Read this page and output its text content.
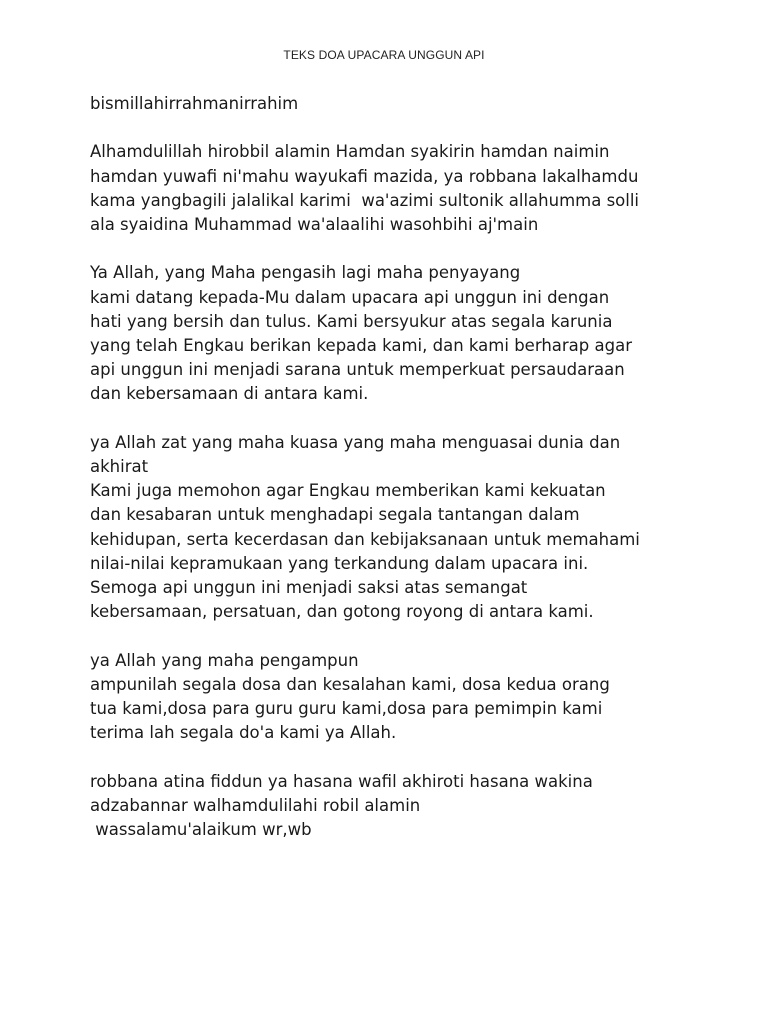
TEKS DOA UPACARA UNGGUN API

bismillahirrahmanirrahim

Alhamdulillah hirobbil alamin Hamdan syakirin hamdan naimin
hamdan yuwafi ni'mahu wayukafi mazida, ya robbana lakalhamdu
kama yangbagili jalalikal karimi  wa'azimi sultonik allahumma solli
ala syaidina Muhammad wa'alaalihi wasohbihi aj'main

Ya Allah, yang Maha pengasih lagi maha penyayang
kami datang kepada-Mu dalam upacara api unggun ini dengan
hati yang bersih dan tulus. Kami bersyukur atas segala karunia
yang telah Engkau berikan kepada kami, dan kami berharap agar
api unggun ini menjadi sarana untuk memperkuat persaudaraan
dan kebersamaan di antara kami.

ya Allah zat yang maha kuasa yang maha menguasai dunia dan
akhirat
Kami juga memohon agar Engkau memberikan kami kekuatan
dan kesabaran untuk menghadapi segala tantangan dalam
kehidupan, serta kecerdasan dan kebijaksanaan untuk memahami
nilai-nilai kepramukaan yang terkandung dalam upacara ini.
Semoga api unggun ini menjadi saksi atas semangat
kebersamaan, persatuan, dan gotong royong di antara kami.

ya Allah yang maha pengampun
ampunilah segala dosa dan kesalahan kami, dosa kedua orang
tua kami,dosa para guru guru kami,dosa para pemimpin kami
terima lah segala do'a kami ya Allah.

robbana atina fiddun ya hasana wafil akhiroti hasana wakina
adzabannar walhamdulilahi robil alamin
wassalamu'alaikum wr,wb
